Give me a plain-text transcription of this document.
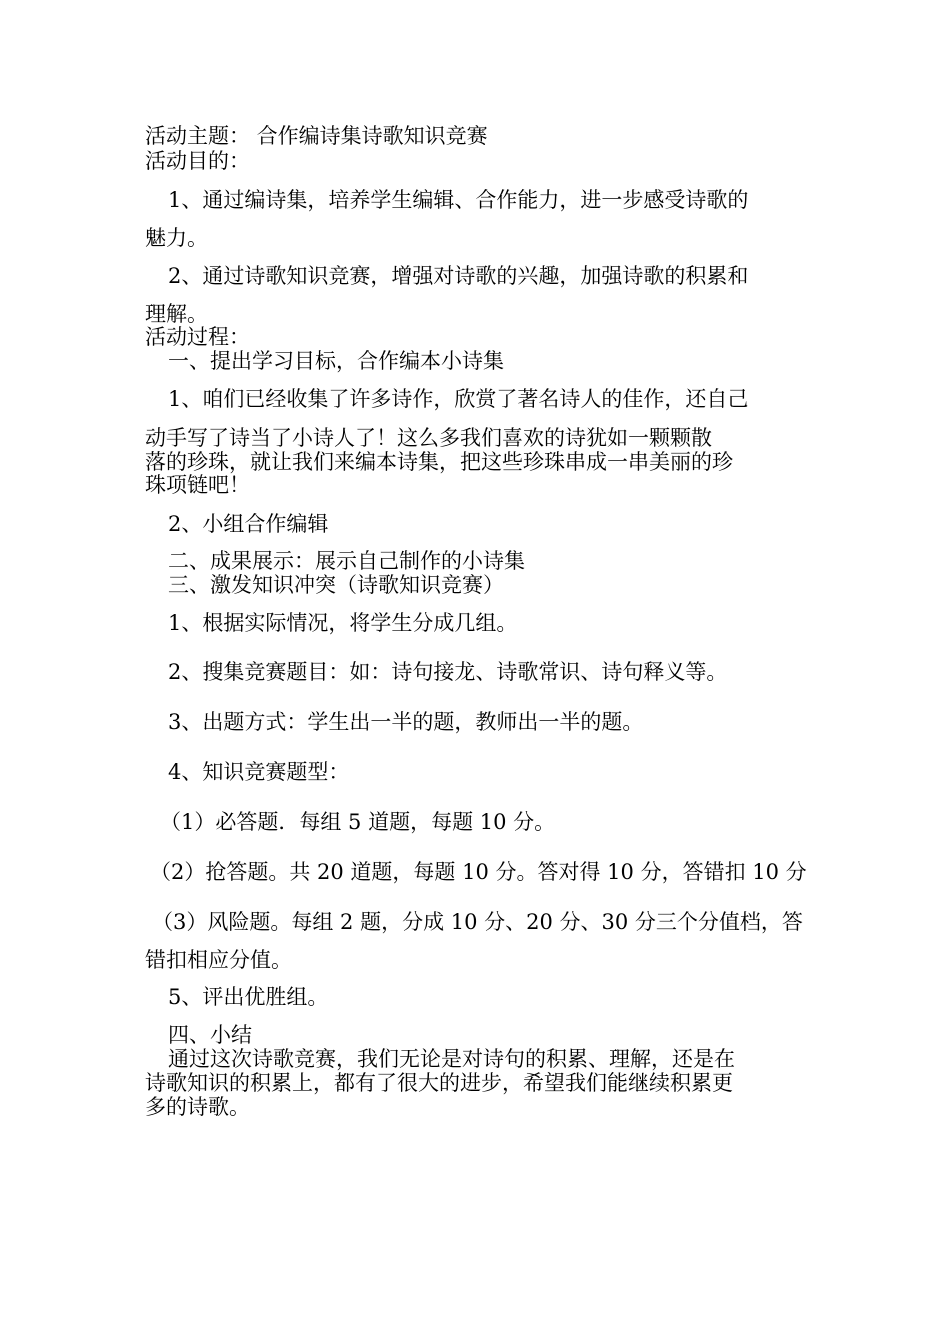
活动主题： 合作编诗集诗歌知识竞赛
活动目的：
1、通过编诗集，培养学生编辑、合作能力，进一步感受诗歌的
魅力。
2、通过诗歌知识竞赛，增强对诗歌的兴趣，加强诗歌的积累和
理解。
活动过程：
一、提出学习目标，合作编本小诗集
1、咱们已经收集了许多诗作，欣赏了著名诗人的佳作，还自己
动手写了诗当了小诗人了！这么多我们喜欢的诗犹如一颗颗散
落的珍珠，就让我们来编本诗集，把这些珍珠串成一串美丽的珍
珠项链吧！
2、小组合作编辑
二、成果展示：展示自己制作的小诗集
三、激发知识冲突（诗歌知识竞赛）
1、根据实际情况，将学生分成几组。
2、搜集竞赛题目：如：诗句接龙、诗歌常识、诗句释义等。
3、出题方式：学生出一半的题，教师出一半的题。
4、知识竞赛题型：
（1）必答题．每组 5 道题，每题 10 分。
（2）抢答题。共 20 道题，每题 10 分。答对得 10 分，答错扣 10 分
（3）风险题。每组 2 题，分成 10 分、20 分、30 分三个分值档，答
错扣相应分值。
5、评出优胜组。
四、小结
通过这次诗歌竞赛，我们无论是对诗句的积累、理解，还是在
诗歌知识的积累上，都有了很大的进步，希望我们能继续积累更
多的诗歌。
